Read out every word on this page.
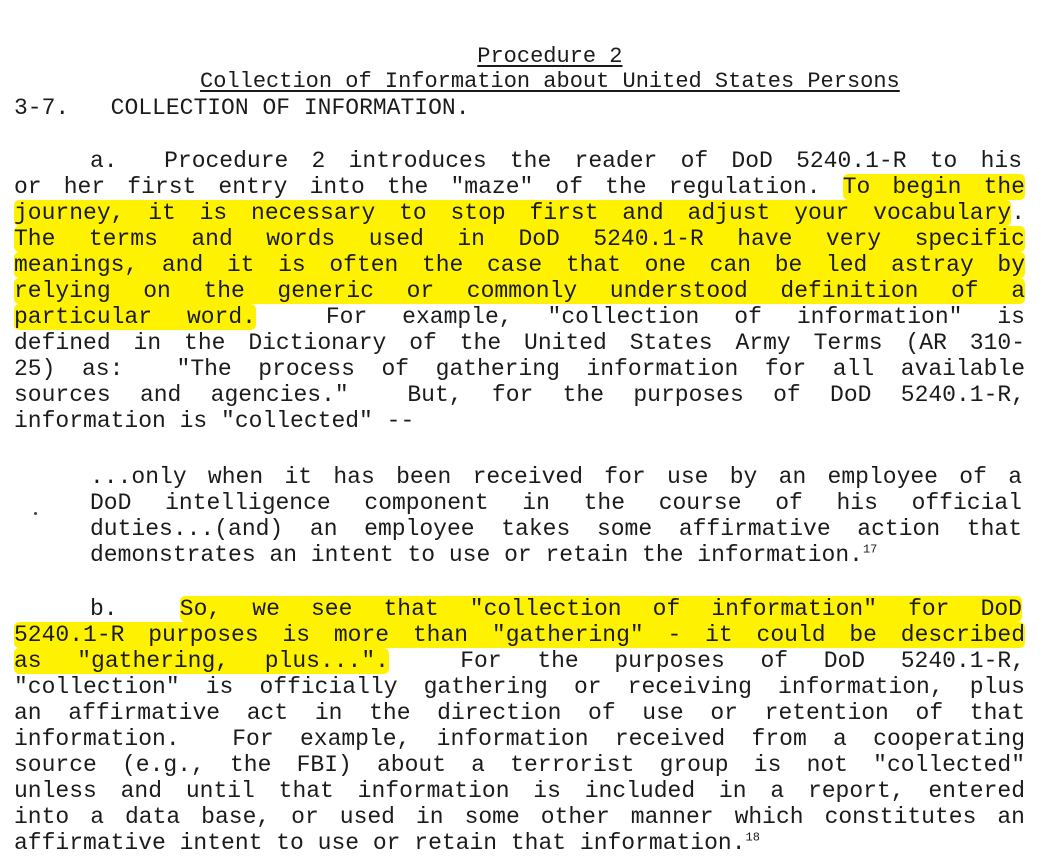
Procedure 2

Collection of Information about United States Persons

3-7. COLLECTION OF INFORMATION.
a.  Procedure 2 introduces the reader of DoD 5240.1-R to his
or her first entry into the "maze" of the regulation. To begin the
journey, it is necessary to stop first and adjust your vocabulary.
The terms and words used in DoD 5240.1-R have very specific
meanings, and it is often the case that one can be led astray by
relying on the generic or commonly understood definition of a
particular word.  For example, "collection of information" is
defined in the Dictionary of the United States Army Terms (AR 310-
25) as:  "The process of gathering information for all available
sources and agencies."  But, for the purposes of DoD 5240.1-R,
information is "collected" --
...only when it has been received for use by an employee of a
DoD intelligence component in the course of his official
duties...(and) an employee takes some affirmative action that
demonstrates an intent to use or retain the information.$^{17}$
b.  So, we see that "collection of information" for DoD
5240.1-R purposes is more than "gathering" - it could be described
as "gathering, plus...".  For the purposes of DoD 5240.1-R,
"collection" is officially gathering or receiving information, plus
an affirmative act in the direction of use or retention of that
information.  For example, information received from a cooperating
source (e.g., the FBI) about a terrorist group is not "collected"
unless and until that information is included in a report, entered
into a data base, or used in some other manner which constitutes an
affirmative intent to use or retain that information.$^{18}$
